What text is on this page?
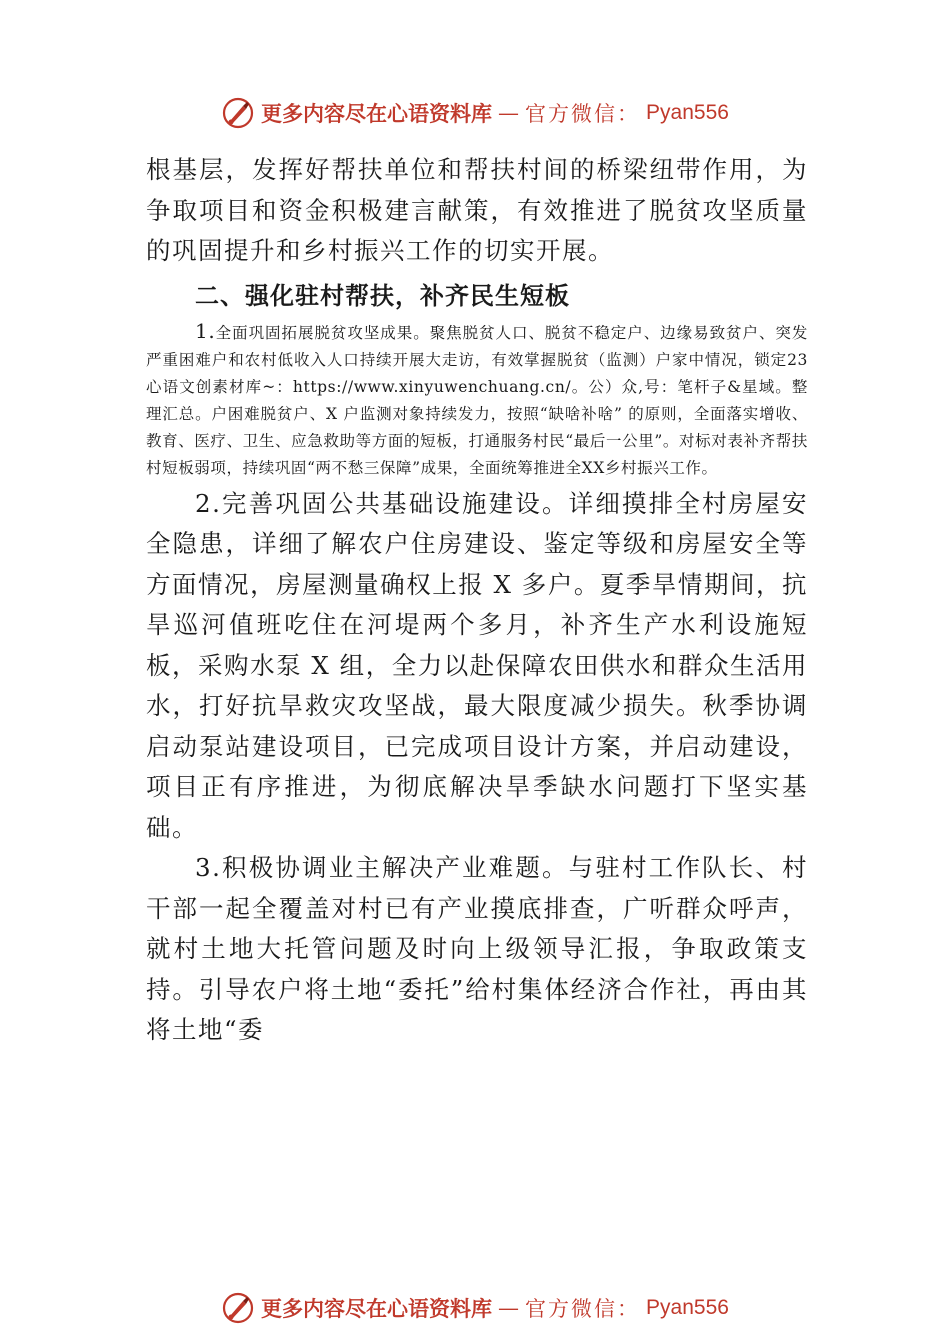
更多内容尽在心语资料库 — 官方微信： Pyan556

根基层，发挥好帮扶单位和帮扶村间的桥梁纽带作用，为争取项目和资金积极建言献策，有效推进了脱贫攻坚质量的巩固提升和乡村振兴工作的切实开展。

二、强化驻村帮扶，补齐民生短板

1.全面巩固拓展脱贫攻坚成果。聚焦脱贫人口、脱贫不稳定户、边缘易致贫户、突发严重困难户和农村低收入人口持续开展大走访，有效掌握脱贫（监测）户家中情况，锁定23 心语文创素材库~：https://www.xinyuwenchuang.cn/。公）众,号：笔杆子&星域。整理汇总。户困难脱贫户、X 户监测对象持续发力，按照“缺啥补啥” 的原则，全面落实增收、教育、医疗、卫生、应急救助等方面的短板，打通服务村民“最后一公里”。对标对表补齐帮扶村短板弱项，持续巩固“两不愁三保障”成果，全面统筹推进全XX乡村振兴工作。

2.完善巩固公共基础设施建设。详细摸排全村房屋安全隐患，详细了解农户住房建设、鉴定等级和房屋安全等方面情况，房屋测量确权上报 X 多户。夏季旱情期间，抗旱巡河值班吃住在河堤两个多月，补齐生产水利设施短板，采购水泵 X 组，全力以赴保障农田供水和群众生活用水，打好抗旱救灾攻坚战，最大限度减少损失。秋季协调启动泵站建设项目，已完成项目设计方案，并启动建设，项目正有序推进，为彻底解决旱季缺水问题打下坚实基础。

3.积极协调业主解决产业难题。与驻村工作队长、村干部一起全覆盖对村已有产业摸底排查，广听群众呼声，就村土地大托管问题及时向上级领导汇报，争取政策支持。引导农户将土地“委托”给村集体经济合作社，再由其将土地“委

更多内容尽在心语资料库 — 官方微信： Pyan556
